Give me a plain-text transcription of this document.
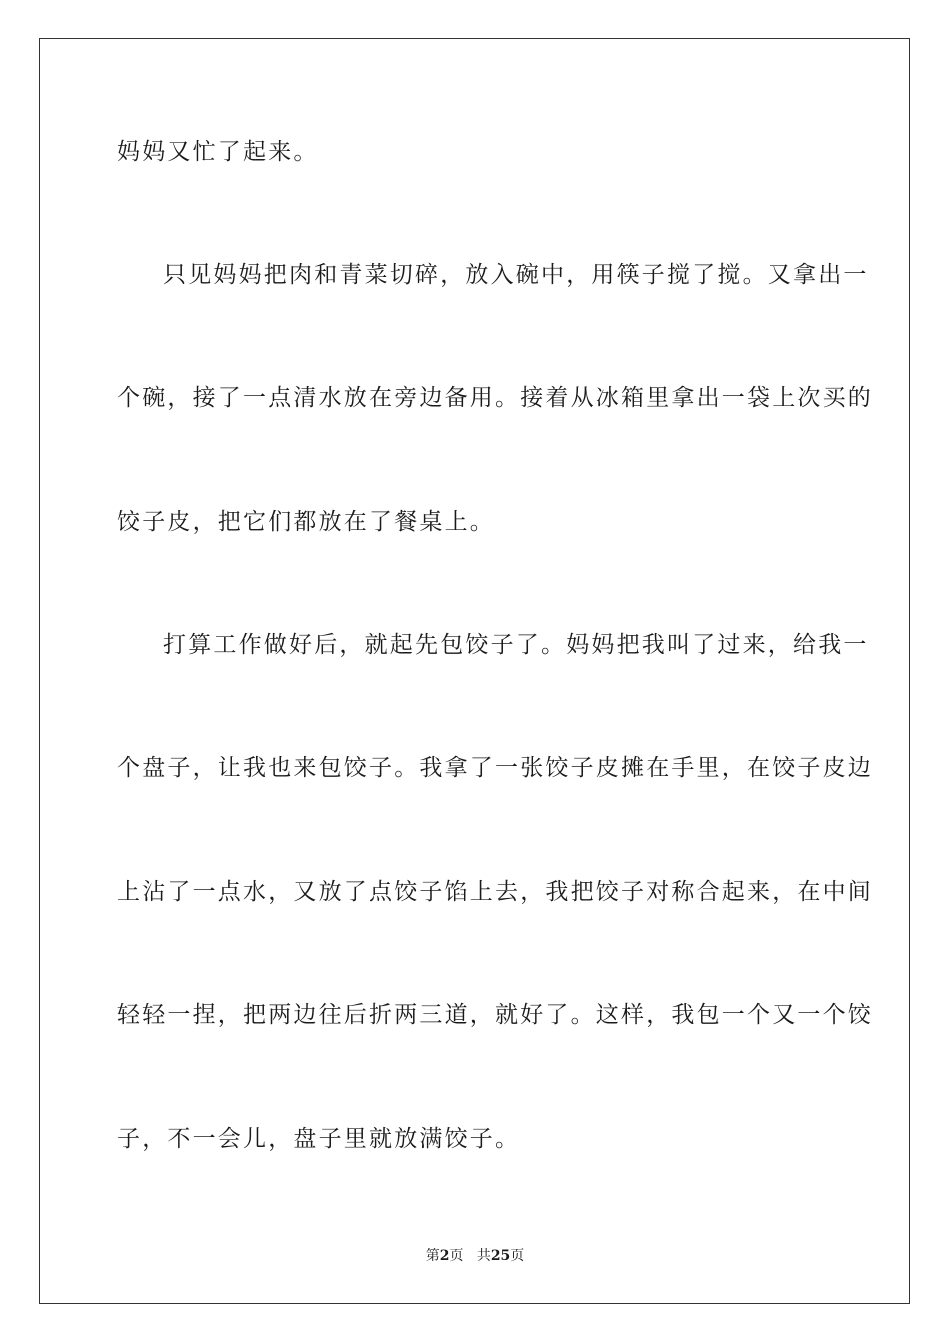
妈妈又忙了起来。
只见妈妈把肉和青菜切碎，放入碗中，用筷子搅了搅。又拿出一
个碗，接了一点清水放在旁边备用。接着从冰箱里拿出一袋上次买的
饺子皮，把它们都放在了餐桌上。
打算工作做好后，就起先包饺子了。妈妈把我叫了过来，给我一
个盘子，让我也来包饺子。我拿了一张饺子皮摊在手里，在饺子皮边
上沾了一点水，又放了点饺子馅上去，我把饺子对称合起来，在中间
轻轻一捏，把两边往后折两三道，就好了。这样，我包一个又一个饺
子，不一会儿，盘子里就放满饺子。
第2页 共25页
